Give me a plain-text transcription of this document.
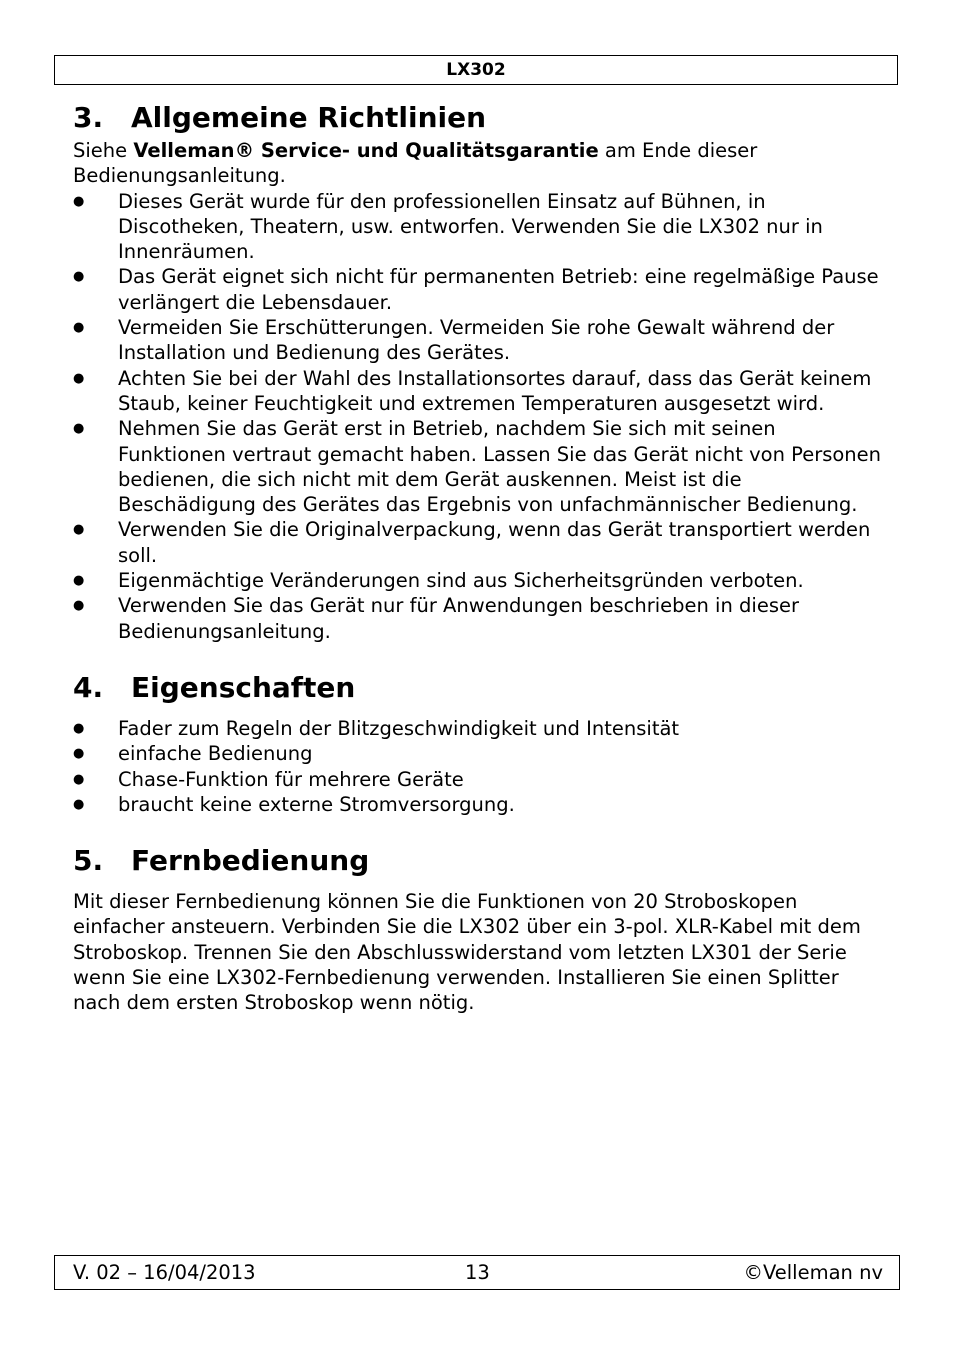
LX302
3. Allgemeine Richtlinien

Siehe Velleman® Service- und Qualitätsgarantie am Ende dieser Bedienungsanleitung.

● Dieses Gerät wurde für den professionellen Einsatz auf Bühnen, in Discotheken, Theatern, usw. entworfen. Verwenden Sie die LX302 nur in Innenräumen.
● Das Gerät eignet sich nicht für permanenten Betrieb: eine regelmäßige Pause verlängert die Lebensdauer.
● Vermeiden Sie Erschütterungen. Vermeiden Sie rohe Gewalt während der Installation und Bedienung des Gerätes.
● Achten Sie bei der Wahl des Installationsortes darauf, dass das Gerät keinem Staub, keiner Feuchtigkeit und extremen Temperaturen ausgesetzt wird.
● Nehmen Sie das Gerät erst in Betrieb, nachdem Sie sich mit seinen Funktionen vertraut gemacht haben. Lassen Sie das Gerät nicht von Personen bedienen, die sich nicht mit dem Gerät auskennen. Meist ist die Beschädigung des Gerätes das Ergebnis von unfachmännischer Bedienung.
● Verwenden Sie die Originalverpackung, wenn das Gerät transportiert werden soll.
● Eigenmächtige Veränderungen sind aus Sicherheitsgründen verboten.
● Verwenden Sie das Gerät nur für Anwendungen beschrieben in dieser Bedienungsanleitung.
4. Eigenschaften
● Fader zum Regeln der Blitzgeschwindigkeit und Intensität
● einfache Bedienung
● Chase-Funktion für mehrere Geräte
● braucht keine externe Stromversorgung.
5. Fernbedienung

Mit dieser Fernbedienung können Sie die Funktionen von 20 Stroboskopen einfacher ansteuern. Verbinden Sie die LX302 über ein 3-pol. XLR-Kabel mit dem Stroboskop. Trennen Sie den Abschlusswiderstand vom letzten LX301 der Serie wenn Sie eine LX302-Fernbedienung verwenden. Installieren Sie einen Splitter nach dem ersten Stroboskop wenn nötig.

V. 02 – 16/04/2013	13	©Velleman nv
